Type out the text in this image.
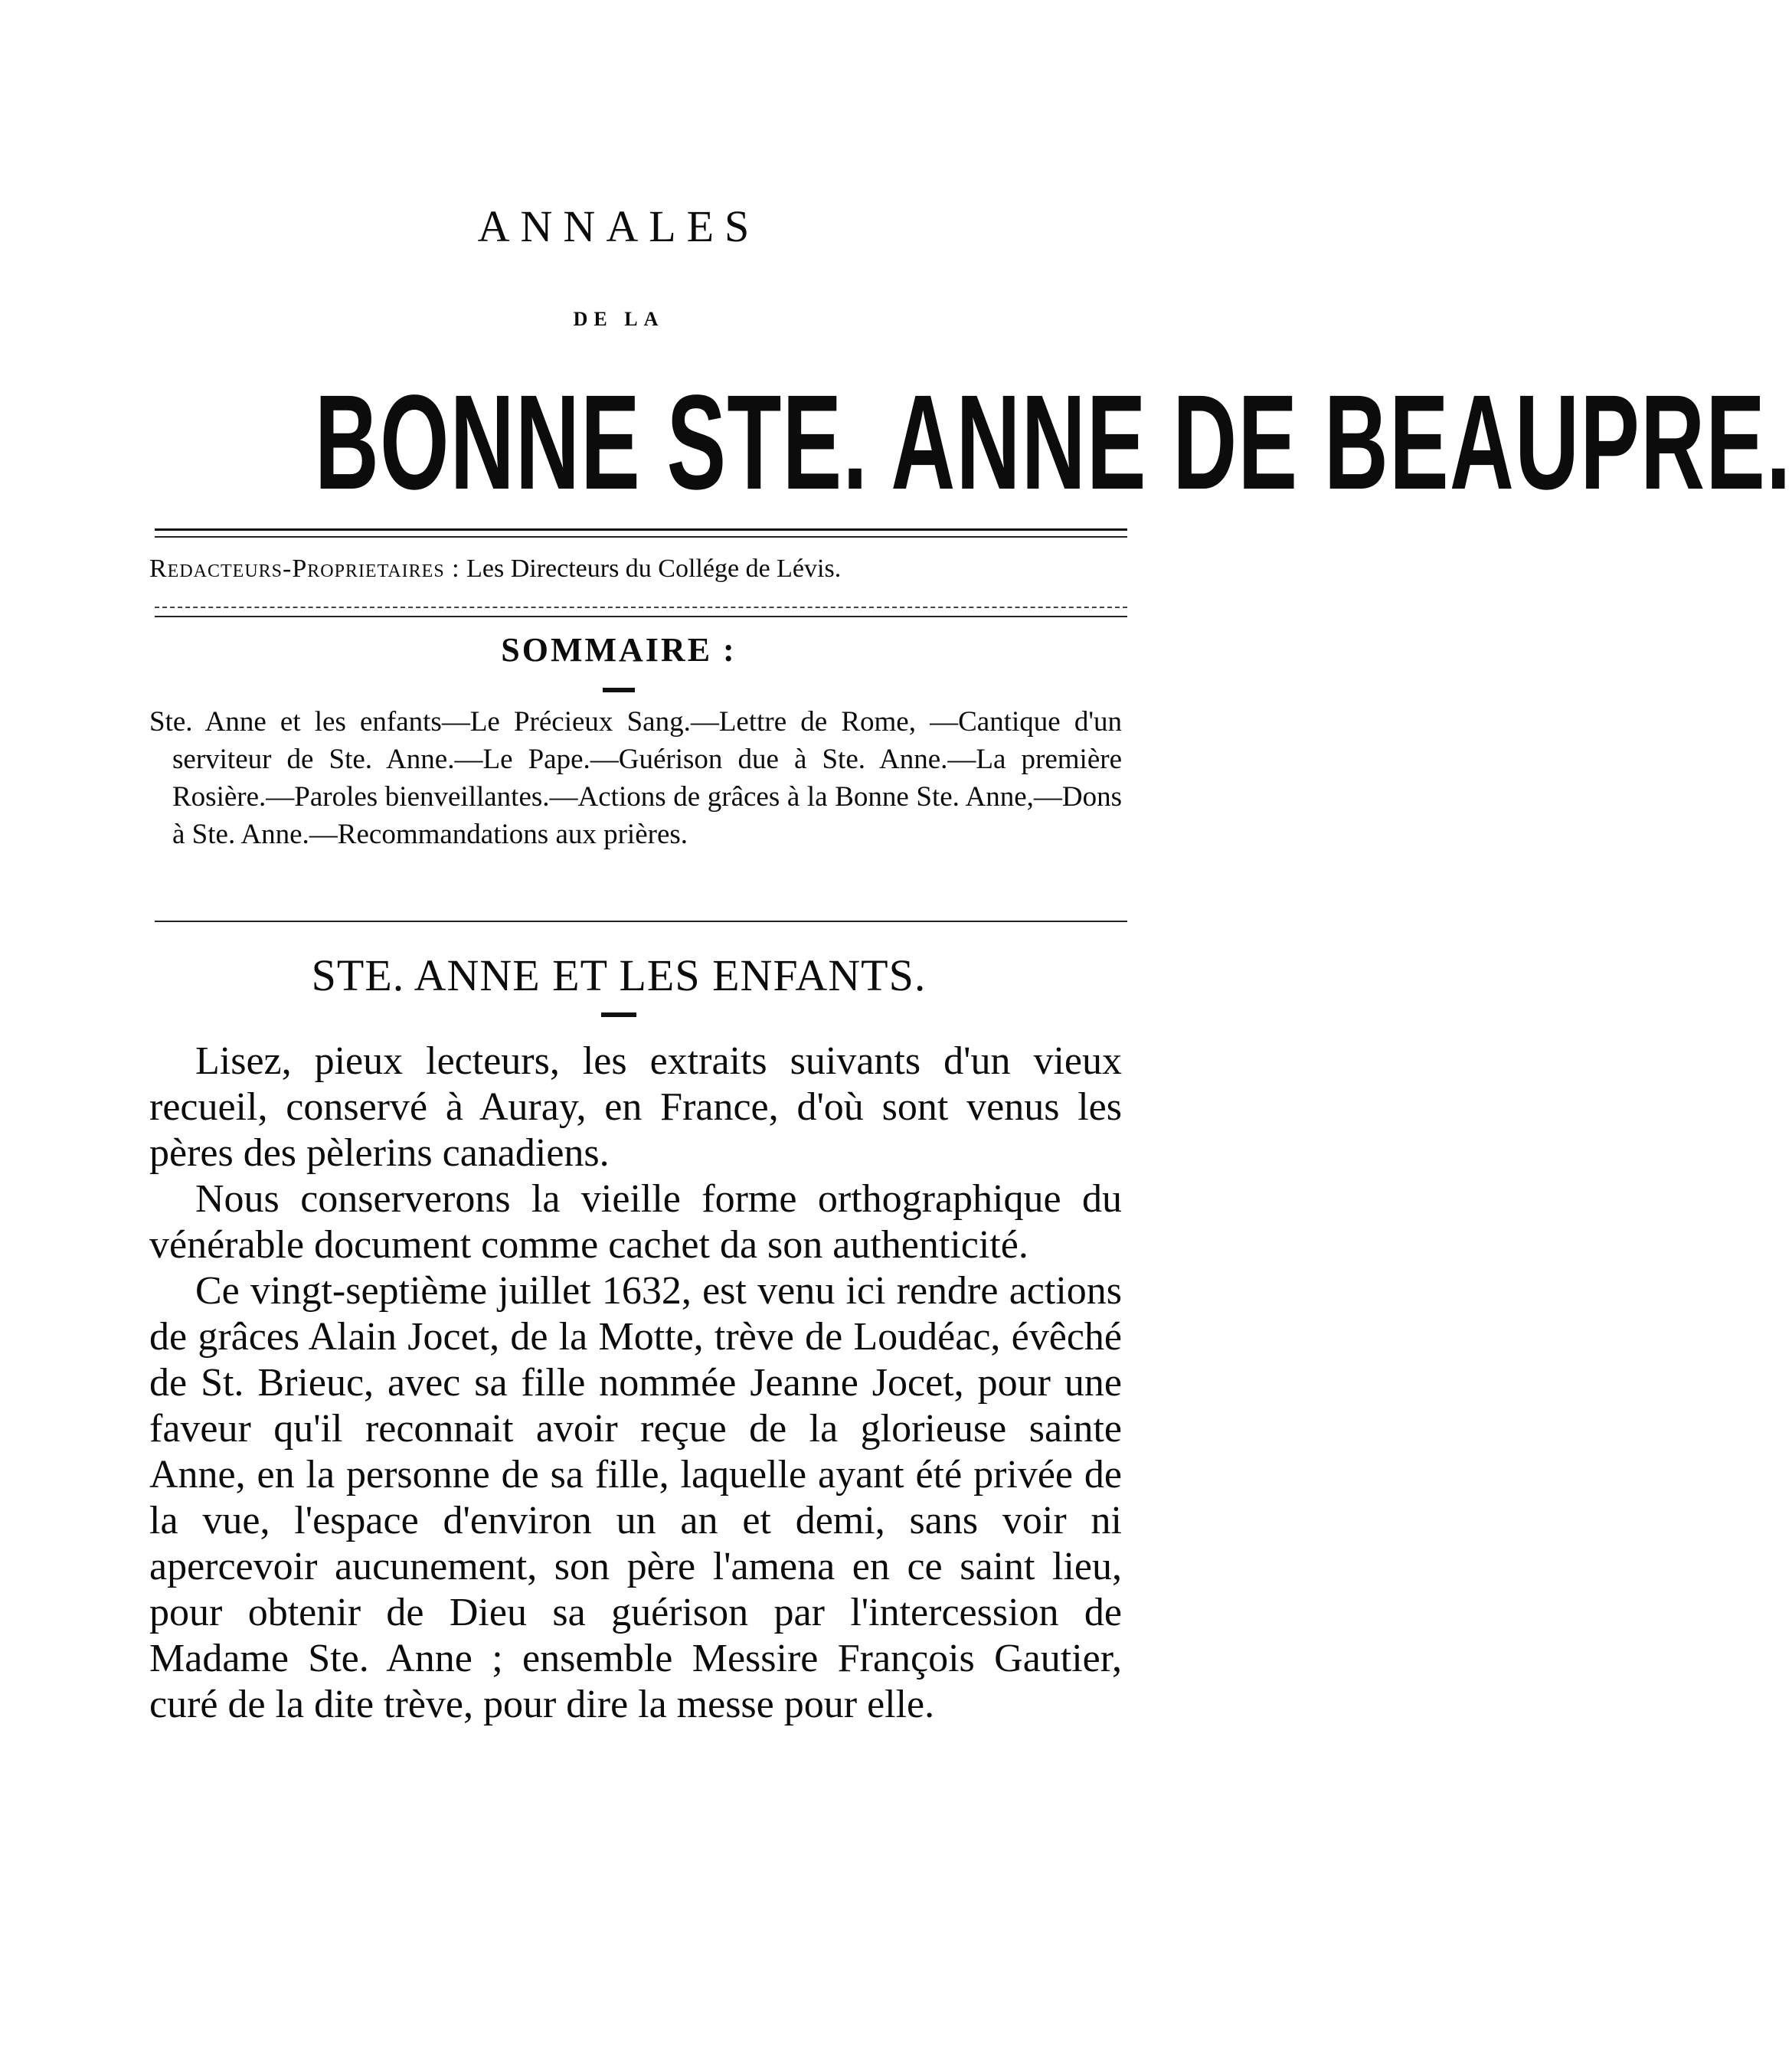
ANNALES
DE LA
BONNE STE. ANNE DE BEAUPRE.
Redacteurs-Proprietaires : Les Directeurs du Collége de Lévis.
SOMMAIRE :
Ste. Anne et les enfants—Le Précieux Sang.—Lettre de Rome, —Cantique d'un serviteur de Ste. Anne.—Le Pape.—Guérison due à Ste. Anne.—La première Rosière.—Paroles bienveillantes.—Actions de grâces à la Bonne Ste. Anne,—Dons à Ste. Anne.—Recommandations aux prières.
STE. ANNE ET LES ENFANTS.

Lisez, pieux lecteurs, les extraits suivants d'un vieux recueil, conservé à Auray, en France, d'où sont venus les pères des pèlerins canadiens.

Nous conserverons la vieille forme orthographique du vénérable document comme cachet da son authenticité.

Ce vingt-septième juillet 1632, est venu ici rendre actions de grâces Alain Jocet, de la Motte, trève de Loudéac, évêché de St. Brieuc, avec sa fille nommée Jeanne Jocet, pour une faveur qu'il reconnait avoir reçue de la glorieuse sainte Anne, en la personne de sa fille, laquelle ayant été privée de la vue, l'espace d'environ un an et demi, sans voir ni apercevoir aucunement, son père l'amena en ce saint lieu, pour obtenir de Dieu sa guérison par l'intercession de Madame Ste. Anne ; ensemble Messire François Gautier, curé de la dite trève, pour dire la messe pour elle.
